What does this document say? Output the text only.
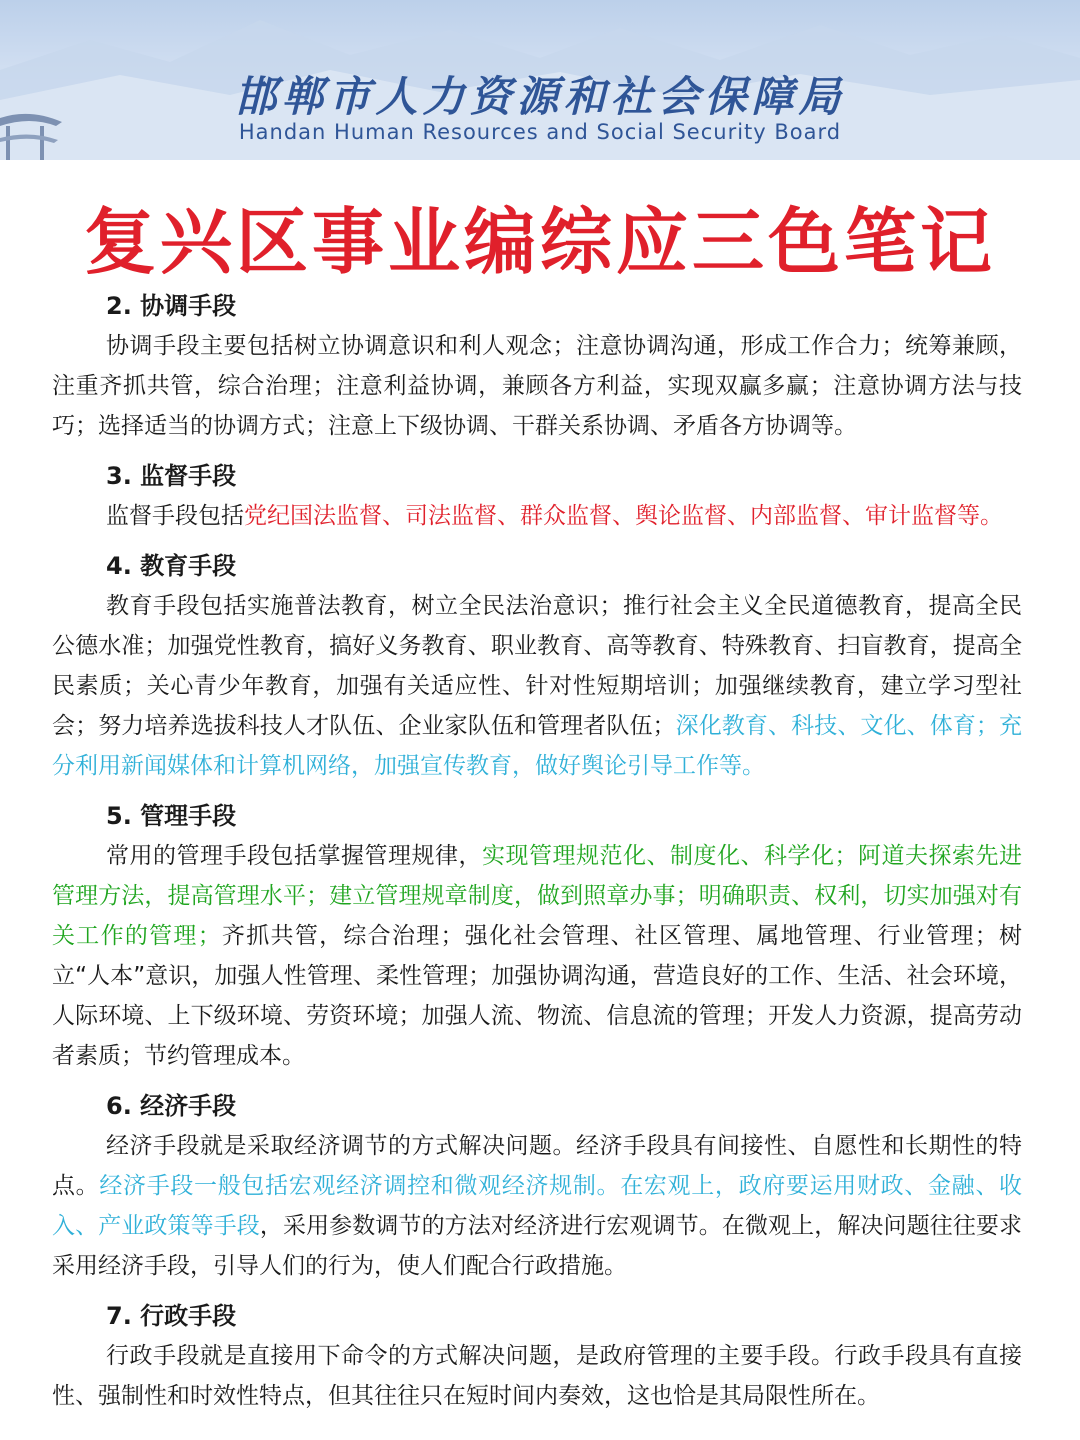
邯郸市人力资源和社会保障局
Handan Human Resources and Social Security Board
复兴区事业编综应三色笔记
2. 协调手段

协调手段主要包括树立协调意识和利人观念；注意协调沟通，形成工作合力；统筹兼顾，注重齐抓共管，综合治理；注意利益协调，兼顾各方利益，实现双赢多赢；注意协调方法与技巧；选择适当的协调方式；注意上下级协调、干群关系协调、矛盾各方协调等。

3. 监督手段

监督手段包括党纪国法监督、司法监督、群众监督、舆论监督、内部监督、审计监督等。

4. 教育手段

教育手段包括实施普法教育，树立全民法治意识；推行社会主义全民道德教育，提高全民公德水准；加强党性教育，搞好义务教育、职业教育、高等教育、特殊教育、扫盲教育，提高全民素质；关心青少年教育，加强有关适应性、针对性短期培训；加强继续教育，建立学习型社会；努力培养选拔科技人才队伍、企业家队伍和管理者队伍；深化教育、科技、文化、体育；充分利用新闻媒体和计算机网络，加强宣传教育，做好舆论引导工作等。

5. 管理手段

常用的管理手段包括掌握管理规律，实现管理规范化、制度化、科学化；阿道夫探索先进管理方法，提高管理水平；建立管理规章制度，做到照章办事；明确职责、权利，切实加强对有关工作的管理；齐抓共管，综合治理；强化社会管理、社区管理、属地管理、行业管理；树立“人本”意识，加强人性管理、柔性管理；加强协调沟通，营造良好的工作、生活、社会环境，人际环境、上下级环境、劳资环境；加强人流、物流、信息流的管理；开发人力资源，提高劳动者素质；节约管理成本。

6. 经济手段

经济手段就是采取经济调节的方式解决问题。经济手段具有间接性、自愿性和长期性的特点。经济手段一般包括宏观经济调控和微观经济规制。在宏观上，政府要运用财政、金融、收入、产业政策等手段，采用参数调节的方法对经济进行宏观调节。在微观上，解决问题往往要求采用经济手段，引导人们的行为，使人们配合行政措施。

7. 行政手段

行政手段就是直接用下命令的方式解决问题，是政府管理的主要手段。行政手段具有直接性、强制性和时效性特点，但其往往只在短时间内奏效，这也恰是其局限性所在。
